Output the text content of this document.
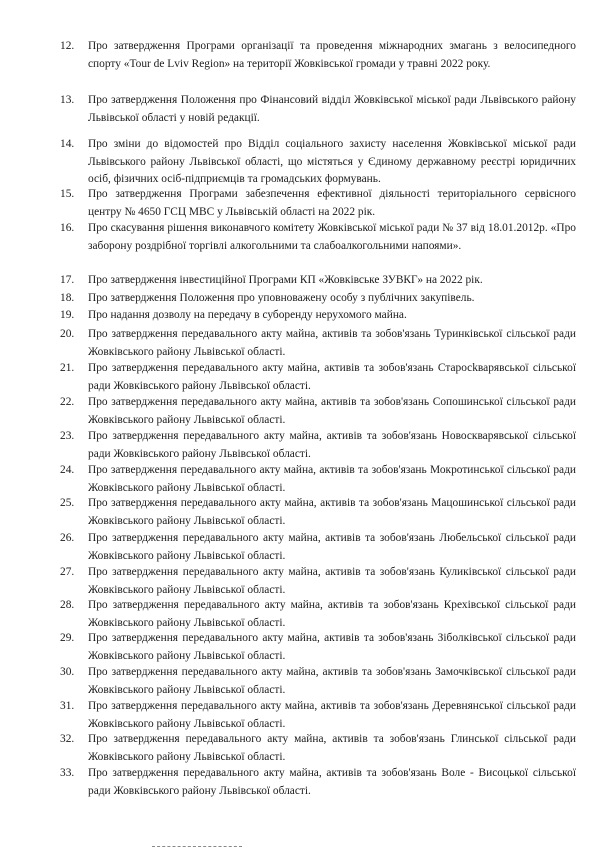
12.	Про затвердження Програми організації та проведення міжнародних змагань з велосипедного спорту «Tour de Lviv Region» на території Жовківської громади у травні 2022 року.
13.	Про затвердження Положення про Фінансовий відділ Жовківської міської ради Львівського району Львівської області у новій редакції.
14.	Про зміни до відомостей про Відділ соціального захисту населення Жовківської міської ради Львівського району Львівської області, що містяться у Єдиному державному реєстрі юридичних осіб, фізичних осіб-підприємців та громадських формувань.
15.	Про затвердження Програми забезпечення ефективної діяльності територіального сервісного центру № 4650 ГСЦ МВС у Львівській області на 2022 рік.
16.	Про скасування рішення виконавчого комітету Жовківської міської ради № 37 від 18.01.2012р. «Про заборону роздрібної торгівлі алкогольними та слабоалкогольними напоями».
17.	Про затвердження інвестиційної Програми КП «Жовківське ЗУВКГ» на 2022 рік.
18.	Про затвердження Положення про уповноважену особу з публічних закупівель.
19.	Про надання дозволу на передачу в суборенду нерухомого майна.
20.	Про затвердження передавального акту майна, активів та зобов'язань Туринківської сільської ради Жовківського району Львівської області.
21.	Про затвердження передавального акту майна, активів та зобов'язань Старосkварявської сільської ради Жовківського району Львівської області.
22.	Про затвердження передавального акту майна, активів та зобов'язань Сопошинської сільської ради Жовківського району Львівської області.
23.	Про затвердження передавального акту майна, активів та зобов'язань Новоскварявської сільської ради Жовківського району Львівської області.
24.	Про затвердження передавального акту майна, активів та зобов'язань Мокротинської сільської ради Жовківського району Львівської області.
25.	Про затвердження передавального акту майна, активів та зобов'язань Мацошинської сільської ради Жовківського району Львівської області.
26.	Про затвердження передавального акту майна, активів та зобов'язань Любельської сільської ради Жовківського району Львівської області.
27.	Про затвердження передавального акту майна, активів та зобов'язань Куликівської сільської ради Жовківського району Львівської області.
28.	Про затвердження передавального акту майна, активів та зобов'язань Крехівської сільської ради Жовківського району Львівської області.
29.	Про затвердження передавального акту майна, активів та зобов'язань Зіболківської сільської ради Жовківського району Львівської області.
30.	Про затвердження передавального акту майна, активів та зобов'язань Замочківської сільської ради Жовківського району Львівської області.
31.	Про затвердження передавального акту майна, активів та зобов'язань Деревнянської сільської ради Жовківського району Львівської області.
32.	Про затвердження передавального акту майна, активів та зобов'язань Глинської сільської ради Жовківського району Львівської області.
33.	Про затвердження передавального акту майна, активів та зобов'язань Воле - Висоцької сільської ради Жовківського району Львівської області.
